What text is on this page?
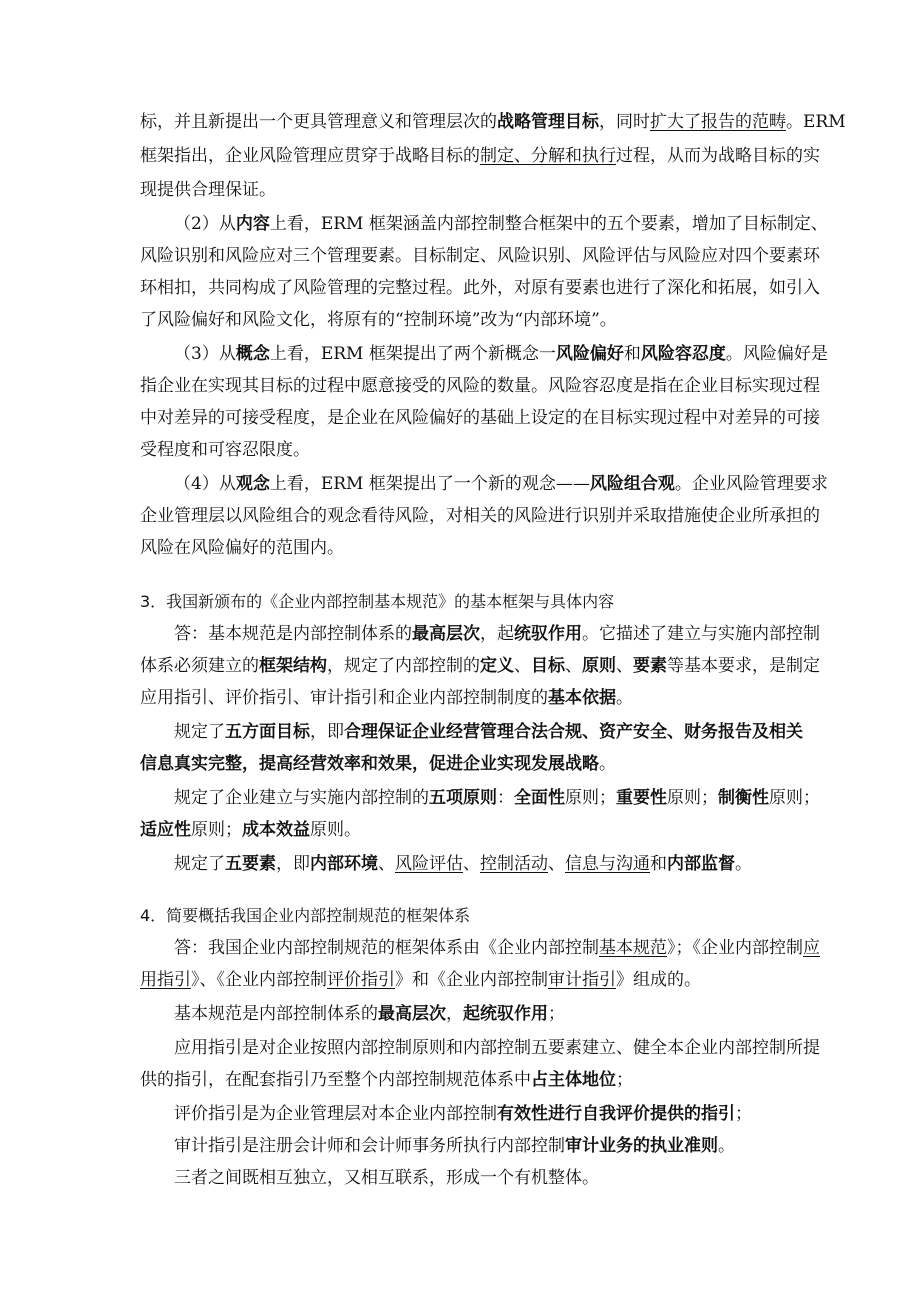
标，并且新提出一个更具管理意义和管理层次的战略管理目标，同时扩大了报告的范畴。ERM
框架指出，企业风险管理应贯穿于战略目标的制定、分解和执行过程，从而为战略目标的实
现提供合理保证。
（2）从内容上看，ERM 框架涵盖内部控制整合框架中的五个要素，增加了目标制定、
风险识别和风险应对三个管理要素。目标制定、风险识别、风险评估与风险应对四个要素环
环相扣，共同构成了风险管理的完整过程。此外，对原有要素也进行了深化和拓展，如引入
了风险偏好和风险文化，将原有的“控制环境”改为“内部环境”。
（3）从概念上看，ERM 框架提出了两个新概念一风险偏好和风险容忍度。风险偏好是
指企业在实现其目标的过程中愿意接受的风险的数量。风险容忍度是指在企业目标实现过程
中对差异的可接受程度，是企业在风险偏好的基础上设定的在目标实现过程中对差异的可接
受程度和可容忍限度。
（4）从观念上看，ERM 框架提出了一个新的观念——风险组合观。企业风险管理要求
企业管理层以风险组合的观念看待风险，对相关的风险进行识别并采取措施使企业所承担的
风险在风险偏好的范围内。
3．我国新颁布的《企业内部控制基本规范》的基本框架与具体内容
答：基本规范是内部控制体系的最高层次，起统驭作用。它描述了建立与实施内部控制
体系必须建立的框架结构，规定了内部控制的定义、目标、原则、要素等基本要求，是制定
应用指引、评价指引、审计指引和企业内部控制制度的基本依据。
规定了五方面目标，即合理保证企业经营管理合法合规、资产安全、财务报告及相关
信息真实完整，提高经营效率和效果，促进企业实现发展战略。
规定了企业建立与实施内部控制的五项原则：全面性原则；重要性原则；制衡性原则；
适应性原则；成本效益原则。
规定了五要素，即内部环境、风险评估、控制活动、信息与沟通和内部监督。
4．简要概括我国企业内部控制规范的框架体系
答：我国企业内部控制规范的框架体系由《企业内部控制基本规范》；《企业内部控制应
用指引》、《企业内部控制评价指引》和《企业内部控制审计指引》组成的。
基本规范是内部控制体系的最高层次，起统驭作用；
应用指引是对企业按照内部控制原则和内部控制五要素建立、健全本企业内部控制所提
供的指引，在配套指引乃至整个内部控制规范体系中占主体地位；
评价指引是为企业管理层对本企业内部控制有效性进行自我评价提供的指引；
审计指引是注册会计师和会计师事务所执行内部控制审计业务的执业准则。
三者之间既相互独立，又相互联系，形成一个有机整体。
